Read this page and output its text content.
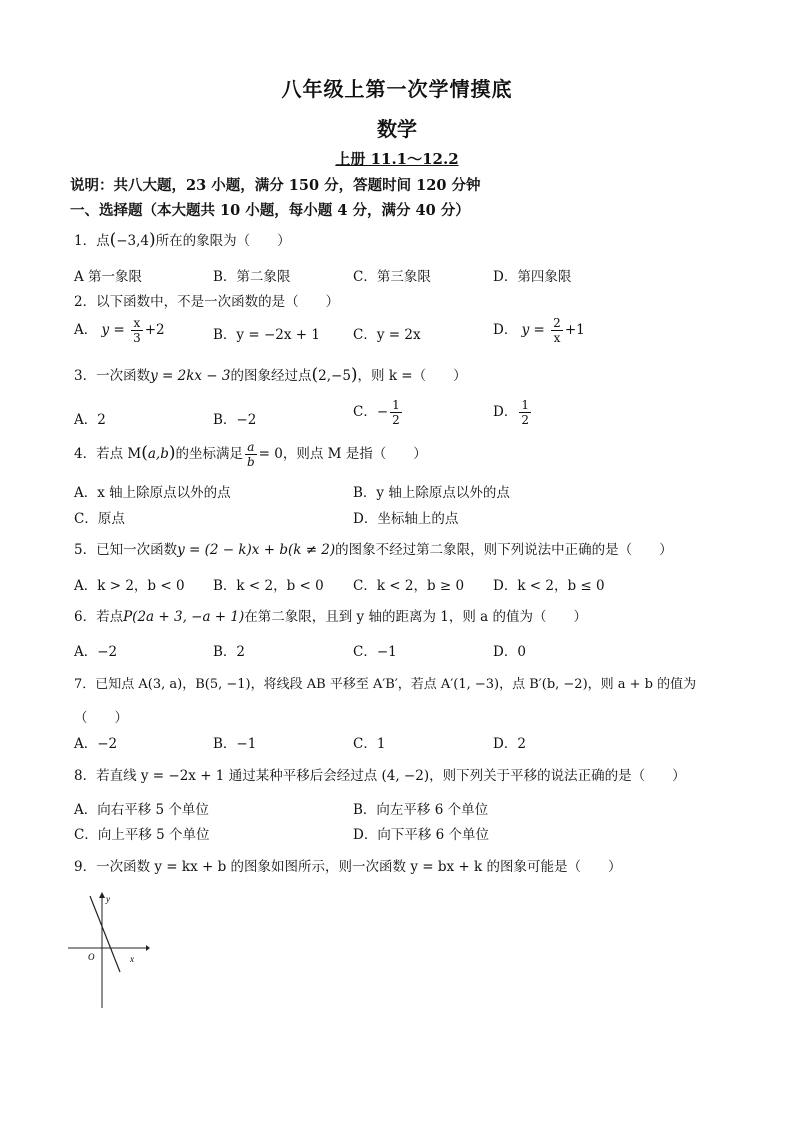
八年级上第一次学情摸底
数学
上册 11.1～12.2
说明：共八大题，23 小题，满分 150 分，答题时间 120 分钟
一、选择题（本大题共 10 小题，每小题 4 分，满分 40 分）
1．点(−3,4)所在的象限为（　　）
A 第一象限	B．第二象限	C．第三象限	D．第四象限
2．以下函数中，不是一次函数的是（　　）
A． $y = \frac{x}{3} +2$	B．y = −2x + 1 C．y = 2x	D． $y = \frac{2}{x} +1$
3．一次函数y = 2kx − 3的图象经过点(2,−5)，则 k =（　　）
A．2	B．−2	C．− $\frac{1}{2}$	D． $\frac{1}{2}$
4．若点 M(a,b)的坐标满足 $\frac{a}{b} = 0$，则点 M 是指（　　）
A．x 轴上除原点以外的点	B．y 轴上除原点以外的点
C．原点	D．坐标轴上的点
5．已知一次函数y = (2 − k)x + b(k ≠ 2)的图象不经过第二象限，则下列说法中正确的是（　　）
A．k > 2，b < 0 B．k < 2，b < 0 C．k < 2，b ≥ 0 D．k < 2，b ≤ 0
6．若点P(2a + 3, −a + 1)在第二象限，且到 y 轴的距离为 1，则 a 的值为（　　）
A．−2	B．2	C．−1	D．0
7．已知点 A(3, a)，B(5, −1)，将线段 AB 平移至 A′B′，若点 A′(1, −3)，点 B′(b, −2)，则 a + b 的值为
（　　）
A．−2	B．−1	C．1	D．2
8．若直线 y = −2x + 1 通过某种平移后会经过点 (4, −2)，则下列关于平移的说法正确的是（　　）
A．向右平移 5 个单位	B．向左平移 6 个单位
C．向上平移 5 个单位	D．向下平移 6 个单位
9．一次函数 y = kx + b 的图象如图所示，则一次函数 y = bx + k 的图象可能是（　　）
x
y
O
